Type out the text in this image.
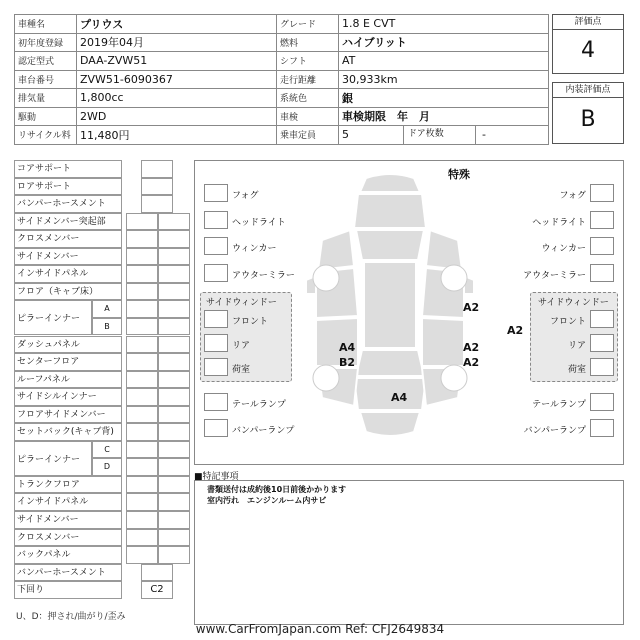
車種名	プリウス	グレード	1.8 E CVT
初年度登録	2019年04月	燃料	ハイブリット
認定型式	DAA-ZVW51	シフト	AT
車台番号	ZVW51-6090367	走行距離	30,933km
排気量	1,800cc	系統色	銀
駆動	2WD	車検	車検期限　年　月
リサイクル料	11,480円	乗車定員	5 ドア枚数 -
評価点
4
内装評価点
B
コアサポート
ロアサポート
バンパーホースメント
サイドメンバー突起部
クロスメンバー
サイドメンバー
インサイドパネル
フロア（キャブ床）
ピラーインナー
A
B
ダッシュパネル
センターフロア
ルーフパネル
サイドシルインナー
フロアサイドメンバー
セットバック(キャブ背)
ピラーインナー
C
D
トランクフロア
インサイドパネル
サイドメンバー
クロスメンバー
バックパネル
バンパーホースメント
下回り	C2
U、D：押され/曲がり/歪み
特殊
フォグ
ヘッドライト
ウィンカー
アウターミラー
フォグ
ヘッドライト
ウィンカー
アウターミラー
サイドウィンドー
フロント
リア
荷室
サイドウィンドー
フロント
リア
荷室
テールランプ
バンパーランプ
テールランプ
バンパーランプ
A2
A2
A2
A2
A4
B2
A4
■特記事項
書類送付は成約後10日前後かかります
室内汚れ　エンジンルーム内サビ
www.CarFromJapan.com Ref: CFJ2649834
